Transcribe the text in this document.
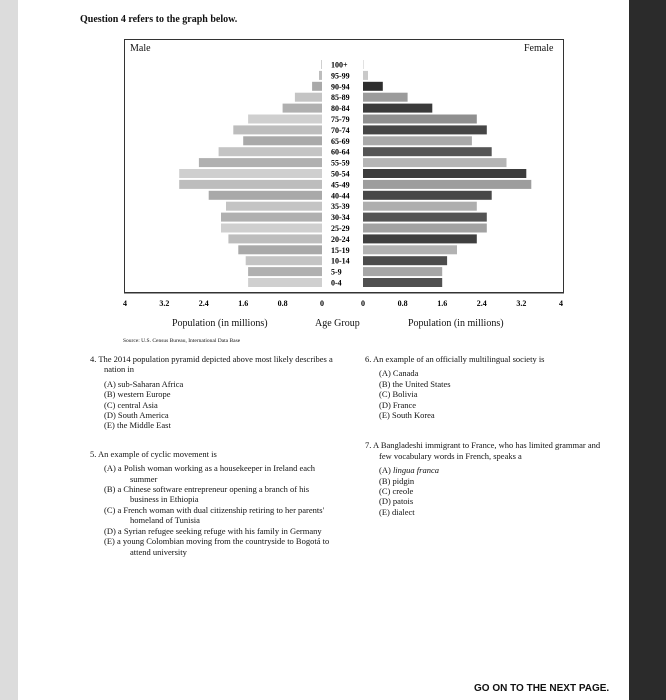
Question 4 refers to the graph below.
Male	Female
100+
95-99
90-94
85-89
80-84
75-79
70-74
65-69
60-64
55-59
50-54
45-49
40-44
35-39
30-34
25-29
20-24
15-19
10-14
5-9
0-4
4	3.2	2.4	1.6	0.8	0	0	0.8	1.6	2.4	3.2	4
Population (in millions)	Age Group	Population (in millions)
Source: U.S. Census Bureau, International Data Base
4. The 2014 population pyramid depicted above most likely describes a nation in
(A) sub-Saharan Africa
(B) western Europe
(C) central Asia
(D) South America
(E) the Middle East
5. An example of cyclic movement is
(A) a Polish woman working as a housekeeper in Ireland each summer
(B) a Chinese software entrepreneur opening a branch of his business in Ethiopia
(C) a French woman with dual citizenship retiring to her parents' homeland of Tunisia
(D) a Syrian refugee seeking refuge with his family in Germany
(E) a young Colombian moving from the countryside to Bogotá to attend university
6. An example of an officially multilingual society is
(A) Canada
(B) the United States
(C) Bolivia
(D) France
(E) South Korea
7. A Bangladeshi immigrant to France, who has limited grammar and few vocabulary words in French, speaks a
(A) lingua franca
(B) pidgin
(C) creole
(D) patois
(E) dialect
GO ON TO THE NEXT PAGE.
